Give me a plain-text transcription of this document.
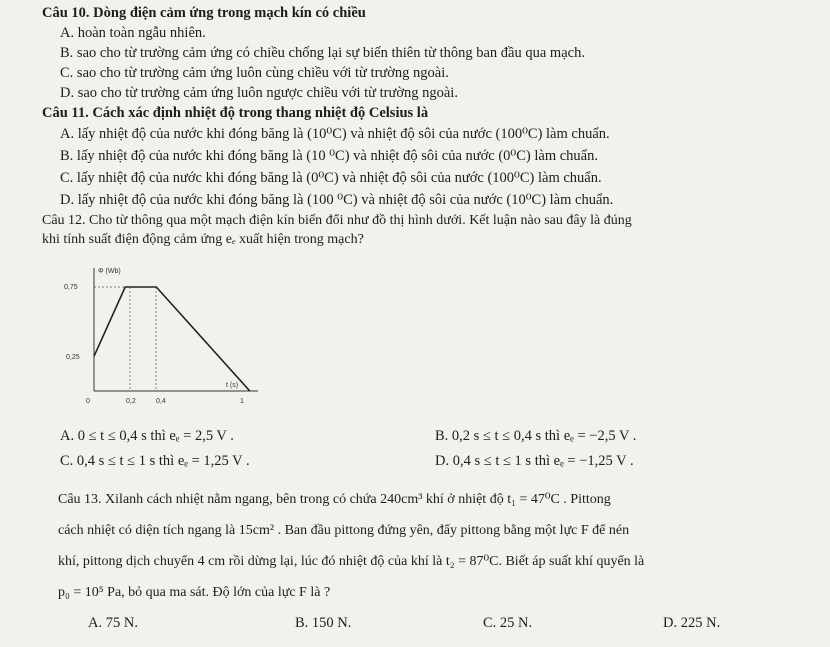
Câu 10. Dòng điện cảm ứng trong mạch kín có chiều
A. hoàn toàn ngẫu nhiên.
B. sao cho từ trường cảm ứng có chiều chống lại sự biến thiên từ thông ban đầu qua mạch.
C. sao cho từ trường cảm ứng luôn cùng chiều với từ trường ngoài.
D. sao cho từ trường cảm ứng luôn ngược chiều với từ trường ngoài.
Câu 11. Cách xác định nhiệt độ trong thang nhiệt độ Celsius là
A. lấy nhiệt độ của nước khi đóng băng là (10⁰C) và nhiệt độ sôi của nước (100⁰C) làm chuẩn.
B. lấy nhiệt độ của nước khi đóng băng là (10 ⁰C) và nhiệt độ sôi của nước (0⁰C) làm chuẩn.
C. lấy nhiệt độ của nước khi đóng băng là (0⁰C) và nhiệt độ sôi của nước (100⁰C) làm chuẩn.
D. lấy nhiệt độ của nước khi đóng băng là (100 ⁰C) và nhiệt độ sôi của nước (10⁰C) làm chuẩn.
Câu 12. Cho từ thông qua một mạch điện kín biến đổi như đồ thị hình dưới. Kết luận nào sau đây là đúng
khi tính suất điện động cảm ứng eₑ xuất hiện trong mạch?
Φ (Wb)
t (s)
0,75
0,25
0	0,2	0,4	1
A. 0 ≤ t ≤ 0,4 s thì eₑ = 2,5 V .	B. 0,2 s ≤ t ≤ 0,4 s thì eₑ = −2,5 V .
C. 0,4 s ≤ t ≤ 1 s thì eₑ = 1,25 V .	D. 0,4 s ≤ t ≤ 1 s thì eₑ = −1,25 V .
Câu 13. Xilanh cách nhiệt nằm ngang, bên trong có chứa 240cm³ khí ở nhiệt độ t₁ = 47⁰C . Pittong
cách nhiệt có diện tích ngang là 15cm² . Ban đầu pittong đứng yên, đẩy pittong bằng một lực F để nén
khí, pittong dịch chuyển 4 cm rồi dừng lại, lúc đó nhiệt độ của khí là t₂ = 87⁰C. Biết áp suất khí quyển là
p₀ = 10⁵ Pa, bỏ qua ma sát. Độ lớn của lực F là ?
A. 75 N.	B. 150 N.	C. 25 N.	D. 225 N.
